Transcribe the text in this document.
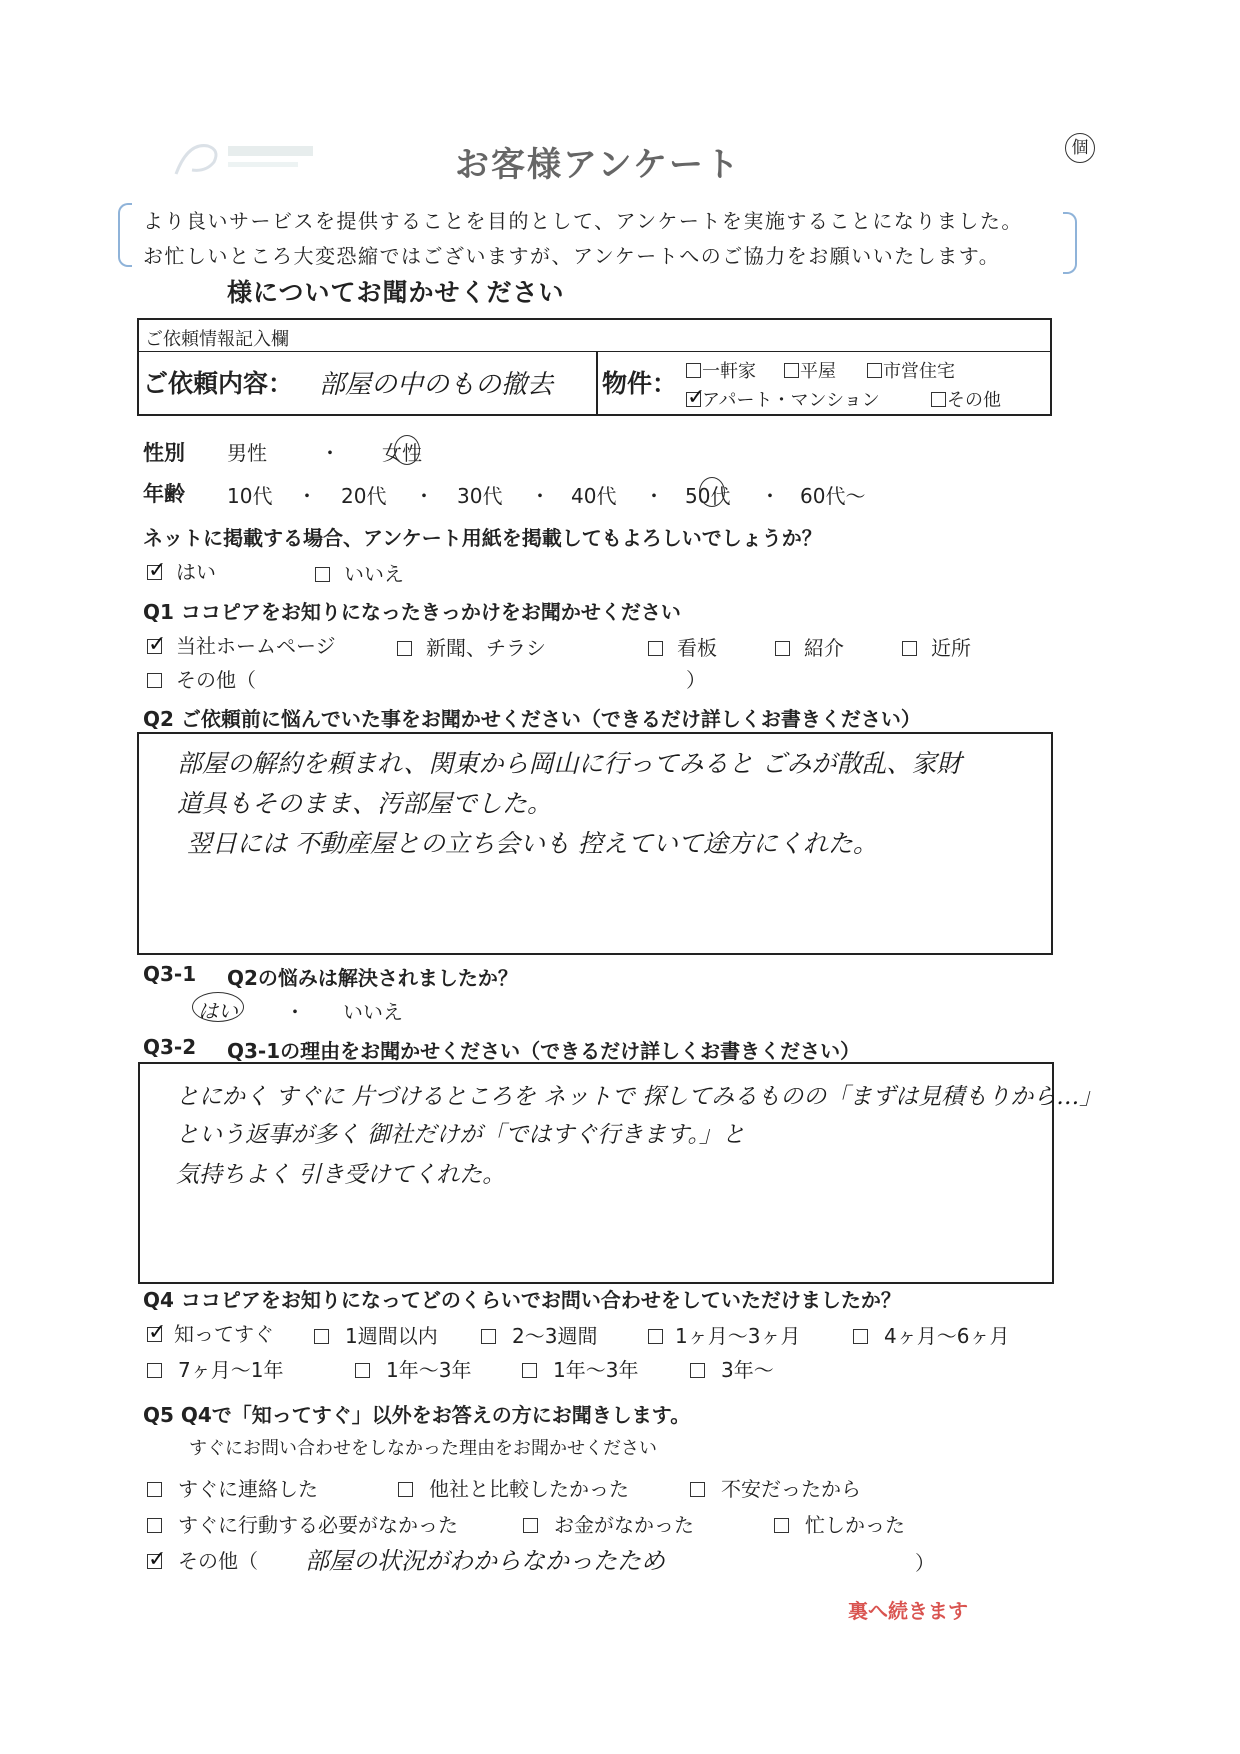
お客様アンケート	個
より良いサービスを提供することを目的として、アンケートを実施することになりました。
お忙しいところ大変恐縮ではございますが、アンケートへのご協力をお願いいたします。
様についてお聞かせください
ご依頼情報記入欄
ご依頼内容： 部屋の中のもの撤去 物件：	一軒家	平屋	市営住宅
✓アパート・マンション	その他
性別 男性	・ 女性
年齢 10代 ・ 20代 ・ 30代 ・ 40代 ・ 50代 ・ 60代〜
ネットに掲載する場合、アンケート用紙を掲載してもよろしいでしょうか？
✓はい	いいえ
Q1 ココピアをお知りになったきっかけをお聞かせください
✓当社ホームページ	新聞、チラシ	看板	紹介	近所
その他（	）
Q2 ご依頼前に悩んでいた事をお聞かせください（できるだけ詳しくお書きください）
部屋の解約を頼まれ、関東から岡山に行ってみると ごみが散乱、家財
道具もそのまま、汚部屋でした。
翌日には 不動産屋との立ち会いも 控えていて途方にくれた。
Q3-1 Q2の悩みは解決されましたか？
はい ・ いいえ
Q3-2 Q3-1の理由をお聞かせください（できるだけ詳しくお書きください）
とにかく すぐに 片づけるところを ネットで 探してみるものの「まずは見積もりから…」
という返事が多く 御社だけが「ではすぐ行きます。」と
気持ちよく 引き受けてくれた。
Q4 ココピアをお知りになってどのくらいでお問い合わせをしていただけましたか？
✓知ってすぐ	1週間以内	2〜3週間	1ヶ月〜3ヶ月	4ヶ月〜6ヶ月
7ヶ月〜1年	1年〜3年	1年〜3年	3年〜
Q5 Q4で「知ってすぐ」以外をお答えの方にお聞きします。
すぐにお問い合わせをしなかった理由をお聞かせください
すぐに連絡した	他社と比較したかった	不安だったから
すぐに行動する必要がなかった	お金がなかった	忙しかった
✓その他（ 部屋の状況がわからなかったため	）
裏へ続きます
